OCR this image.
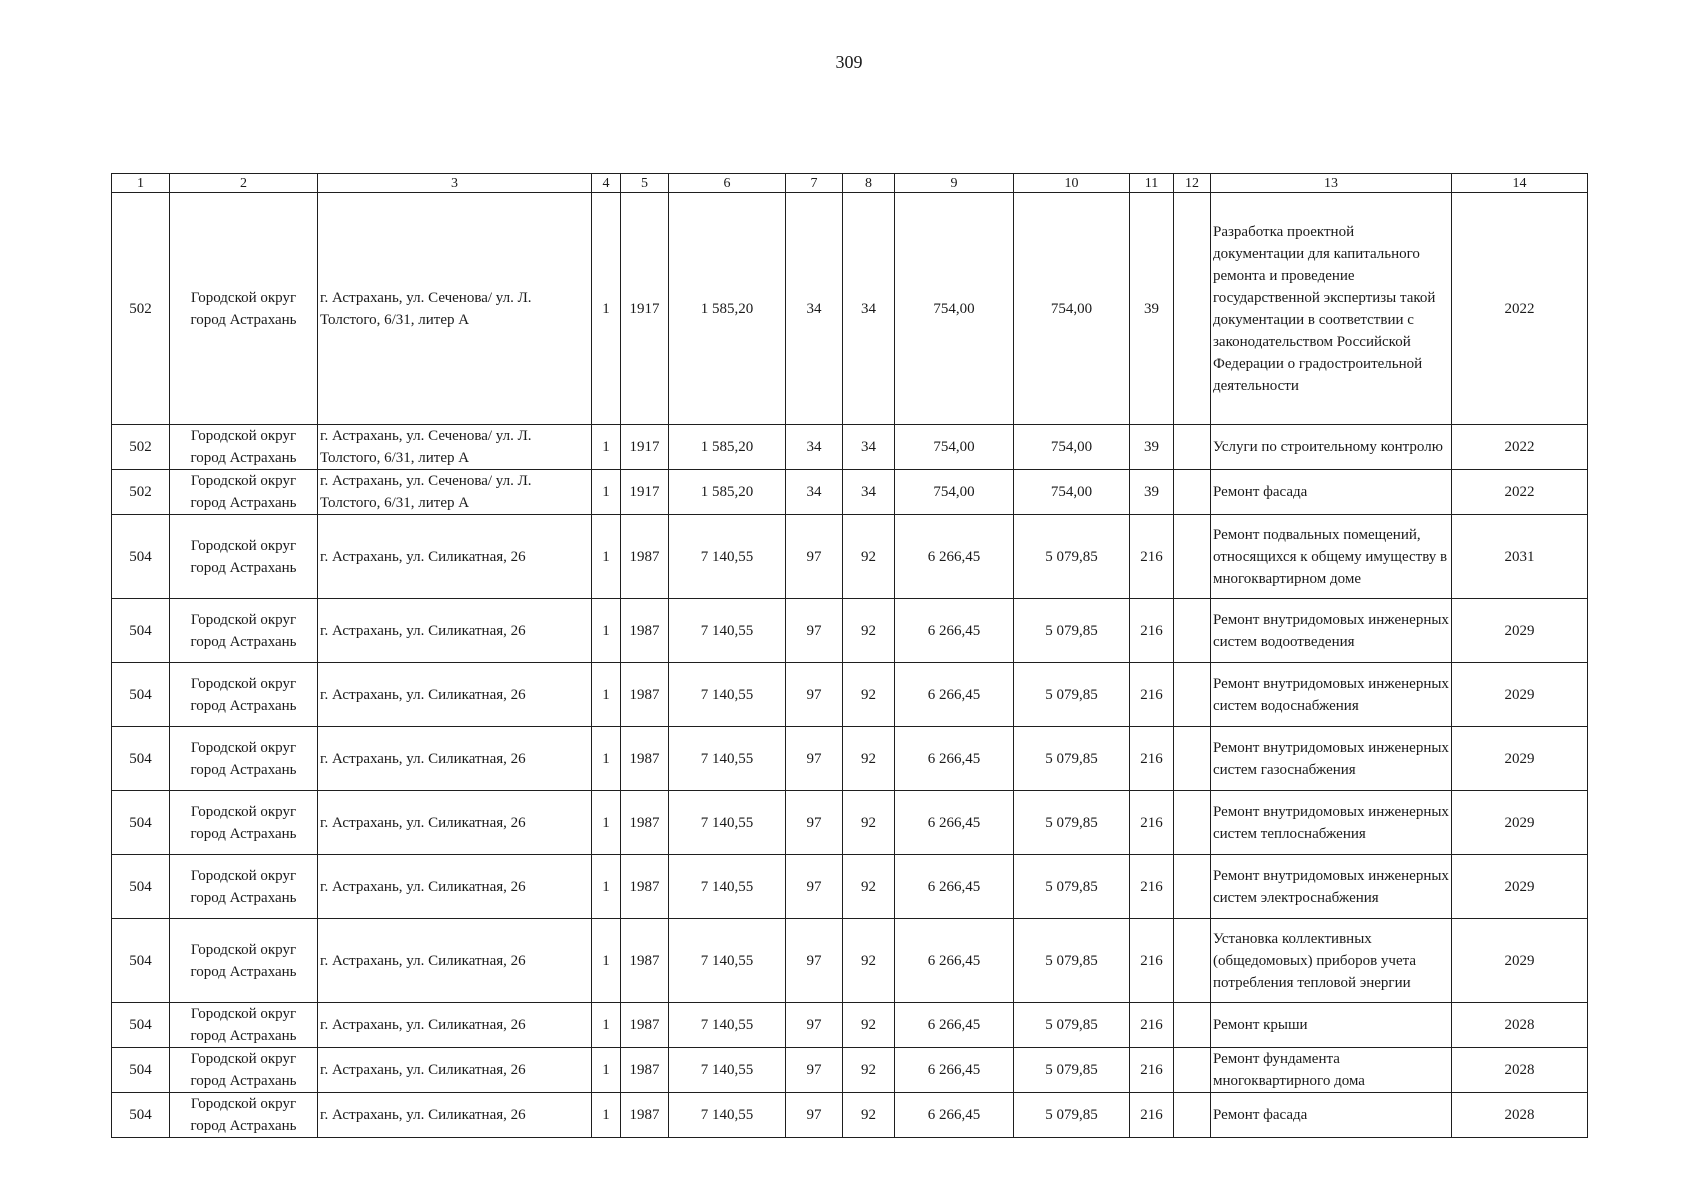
309
1	2	3	4	5	6	7	8	9	10	11	12	13	14
502	Городской округ город Астрахань	г. Астрахань, ул. Сеченова/ ул. Л. Толстого, 6/31, литер А	1	1917	1 585,20	34	34	754,00	754,00	39		Разработка проектной документации для капитального ремонта и проведение государственной экспертизы такой документации в соответствии с законодательством Российской Федерации о градостроительной деятельности	2022
502	Городской округ город Астрахань	г. Астрахань, ул. Сеченова/ ул. Л. Толстого, 6/31, литер А	1	1917	1 585,20	34	34	754,00	754,00	39		Услуги по строительному контролю	2022
502	Городской округ город Астрахань	г. Астрахань, ул. Сеченова/ ул. Л. Толстого, 6/31, литер А	1	1917	1 585,20	34	34	754,00	754,00	39		Ремонт фасада	2022
504	Городской округ город Астрахань	г. Астрахань, ул. Силикатная, 26	1	1987	7 140,55	97	92	6 266,45	5 079,85	216		Ремонт подвальных помещений, относящихся к общему имуществу в многоквартирном доме	2031
504	Городской округ город Астрахань	г. Астрахань, ул. Силикатная, 26	1	1987	7 140,55	97	92	6 266,45	5 079,85	216		Ремонт внутридомовых инженерных систем водоотведения	2029
504	Городской округ город Астрахань	г. Астрахань, ул. Силикатная, 26	1	1987	7 140,55	97	92	6 266,45	5 079,85	216		Ремонт внутридомовых инженерных систем водоснабжения	2029
504	Городской округ город Астрахань	г. Астрахань, ул. Силикатная, 26	1	1987	7 140,55	97	92	6 266,45	5 079,85	216		Ремонт внутридомовых инженерных систем газоснабжения	2029
504	Городской округ город Астрахань	г. Астрахань, ул. Силикатная, 26	1	1987	7 140,55	97	92	6 266,45	5 079,85	216		Ремонт внутридомовых инженерных систем теплоснабжения	2029
504	Городской округ город Астрахань	г. Астрахань, ул. Силикатная, 26	1	1987	7 140,55	97	92	6 266,45	5 079,85	216		Ремонт внутридомовых инженерных систем электроснабжения	2029
504	Городской округ город Астрахань	г. Астрахань, ул. Силикатная, 26	1	1987	7 140,55	97	92	6 266,45	5 079,85	216		Установка коллективных (общедомовых) приборов учета потребления тепловой энергии	2029
504	Городской округ город Астрахань	г. Астрахань, ул. Силикатная, 26	1	1987	7 140,55	97	92	6 266,45	5 079,85	216		Ремонт крыши	2028
504	Городской округ город Астрахань	г. Астрахань, ул. Силикатная, 26	1	1987	7 140,55	97	92	6 266,45	5 079,85	216		Ремонт фундамента многоквартирного дома	2028
504	Городской округ город Астрахань	г. Астрахань, ул. Силикатная, 26	1	1987	7 140,55	97	92	6 266,45	5 079,85	216		Ремонт фасада	2028
